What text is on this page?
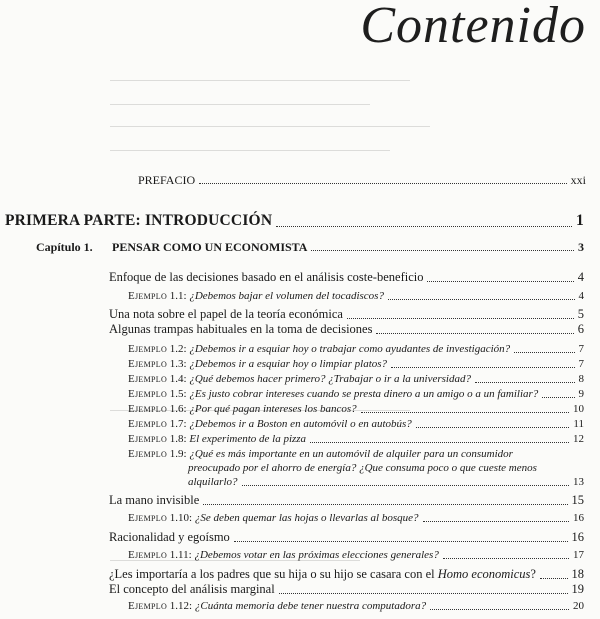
Contenido
PREFACIO	xxi
PRIMERA PARTE: INTRODUCCIÓN	1
Capítulo 1. PENSAR COMO UN ECONOMISTA	3
Enfoque de las decisiones basado en el análisis coste-beneficio	4
Ejemplo 1.1: ¿Debemos bajar el volumen del tocadiscos?	4
Una nota sobre el papel de la teoría económica	5
Algunas trampas habituales en la toma de decisiones	6
Ejemplo 1.2: ¿Debemos ir a esquiar hoy o trabajar como ayudantes de investigación?	7
Ejemplo 1.3: ¿Debemos ir a esquiar hoy o limpiar platos?	7
Ejemplo 1.4: ¿Qué debemos hacer primero? ¿Trabajar o ir a la universidad?	8
Ejemplo 1.5: ¿Es justo cobrar intereses cuando se presta dinero a un amigo o a un familiar?	9
Ejemplo 1.6: ¿Por qué pagan intereses los bancos?	10
Ejemplo 1.7: ¿Debemos ir a Boston en automóvil o en autobús?	11
Ejemplo 1.8: El experimento de la pizza	12
Ejemplo 1.9: ¿Qué es más importante en un automóvil de alquiler para un consumidor
preocupado por el ahorro de energía? ¿Que consuma poco o que cueste menos
alquilarlo?	13
La mano invisible	15
Ejemplo 1.10: ¿Se deben quemar las hojas o llevarlas al bosque?	16
Racionalidad y egoísmo	16
Ejemplo 1.11: ¿Debemos votar en las próximas elecciones generales?	17
¿Les importaría a los padres que su hija o su hijo se casara con el Homo economicus?	18
El concepto del análisis marginal	19
Ejemplo 1.12: ¿Cuánta memoria debe tener nuestra computadora?	20
